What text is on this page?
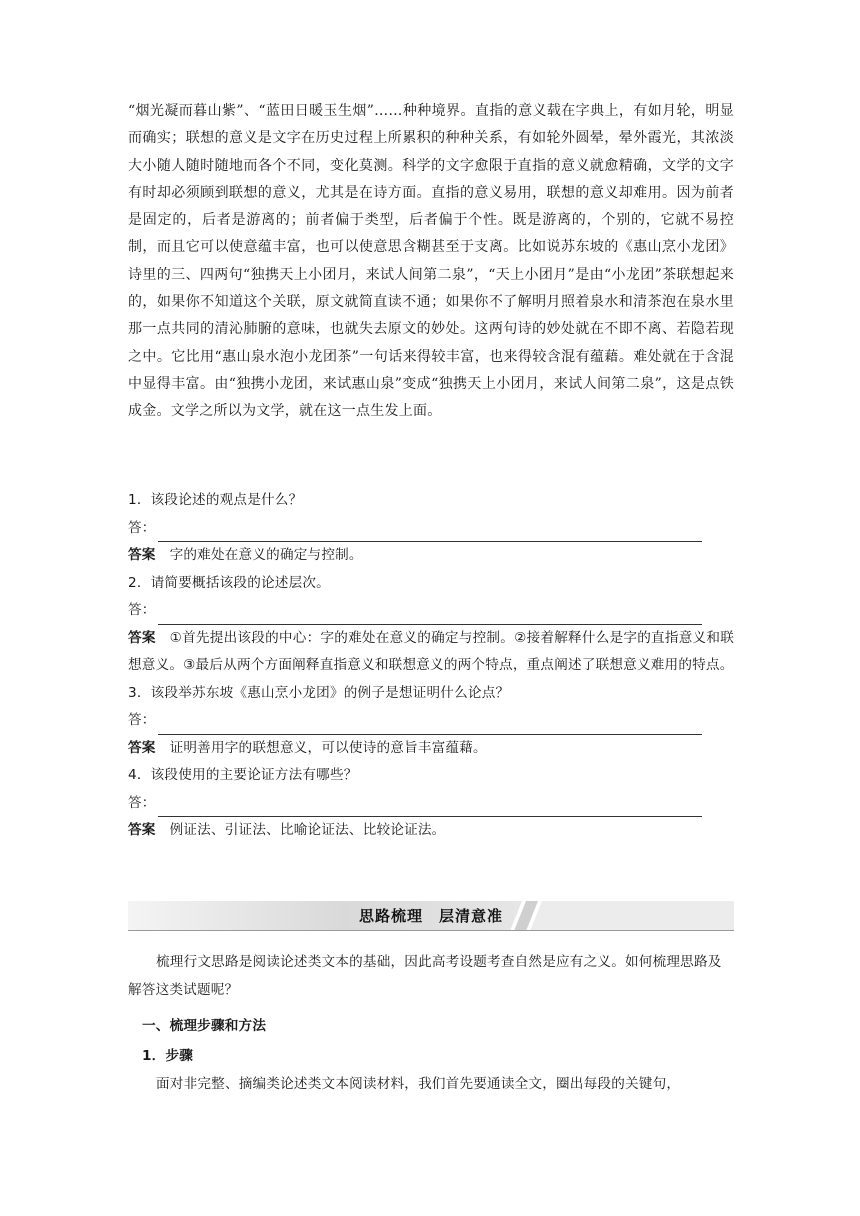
“烟光凝而暮山紫”、“蓝田日暖玉生烟”……种种境界。直指的意义载在字典上，有如月轮，明显而确实；联想的意义是文字在历史过程上所累积的种种关系，有如轮外圆晕，晕外霞光，其浓淡大小随人随时随地而各个不同，变化莫测。科学的文字愈限于直指的意义就愈精确，文学的文字有时却必须顾到联想的意义，尤其是在诗方面。直指的意义易用，联想的意义却难用。因为前者是固定的，后者是游离的；前者偏于类型，后者偏于个性。既是游离的，个别的，它就不易控制，而且它可以使意蕴丰富，也可以使意思含糊甚至于支离。比如说苏东坡的《惠山烹小龙团》诗里的三、四两句“独携天上小团月，来试人间第二泉”，“天上小团月”是由“小龙团”茶联想起来的，如果你不知道这个关联，原文就简直读不通；如果你不了解明月照着泉水和清茶泡在泉水里那一点共同的清沁肺腑的意味，也就失去原文的妙处。这两句诗的妙处就在不即不离、若隐若现之中。它比用“惠山泉水泡小龙团茶”一句话来得较丰富，也来得较含混有蕴藉。难处就在于含混中显得丰富。由“独携小龙团，来试惠山泉”变成“独携天上小团月，来试人间第二泉”，这是点铁成金。文学之所以为文学，就在这一点生发上面。
1．该段论述的观点是什么？
答：
答案 字的难处在意义的确定与控制。
2．请简要概括该段的论述层次。
答：
答案 ①首先提出该段的中心：字的难处在意义的确定与控制。②接着解释什么是字的直指意义和联想意义。③最后从两个方面阐释直指意义和联想意义的两个特点，重点阐述了联想意义难用的特点。
3．该段举苏东坡《惠山烹小龙团》的例子是想证明什么论点？
答：
答案 证明善用字的联想意义，可以使诗的意旨丰富蕴藉。
4．该段使用的主要论证方法有哪些？
答：
答案 例证法、引证法、比喻论证法、比较论证法。
思路梳理　层清意准

梳理行文思路是阅读论述类文本的基础，因此高考设题考查自然是应有之义。如何梳理思路及解答这类试题呢？

一、梳理步骤和方法

1．步骤

面对非完整、摘编类论述类文本阅读材料，我们首先要通读全文，圈出每段的关键句，
